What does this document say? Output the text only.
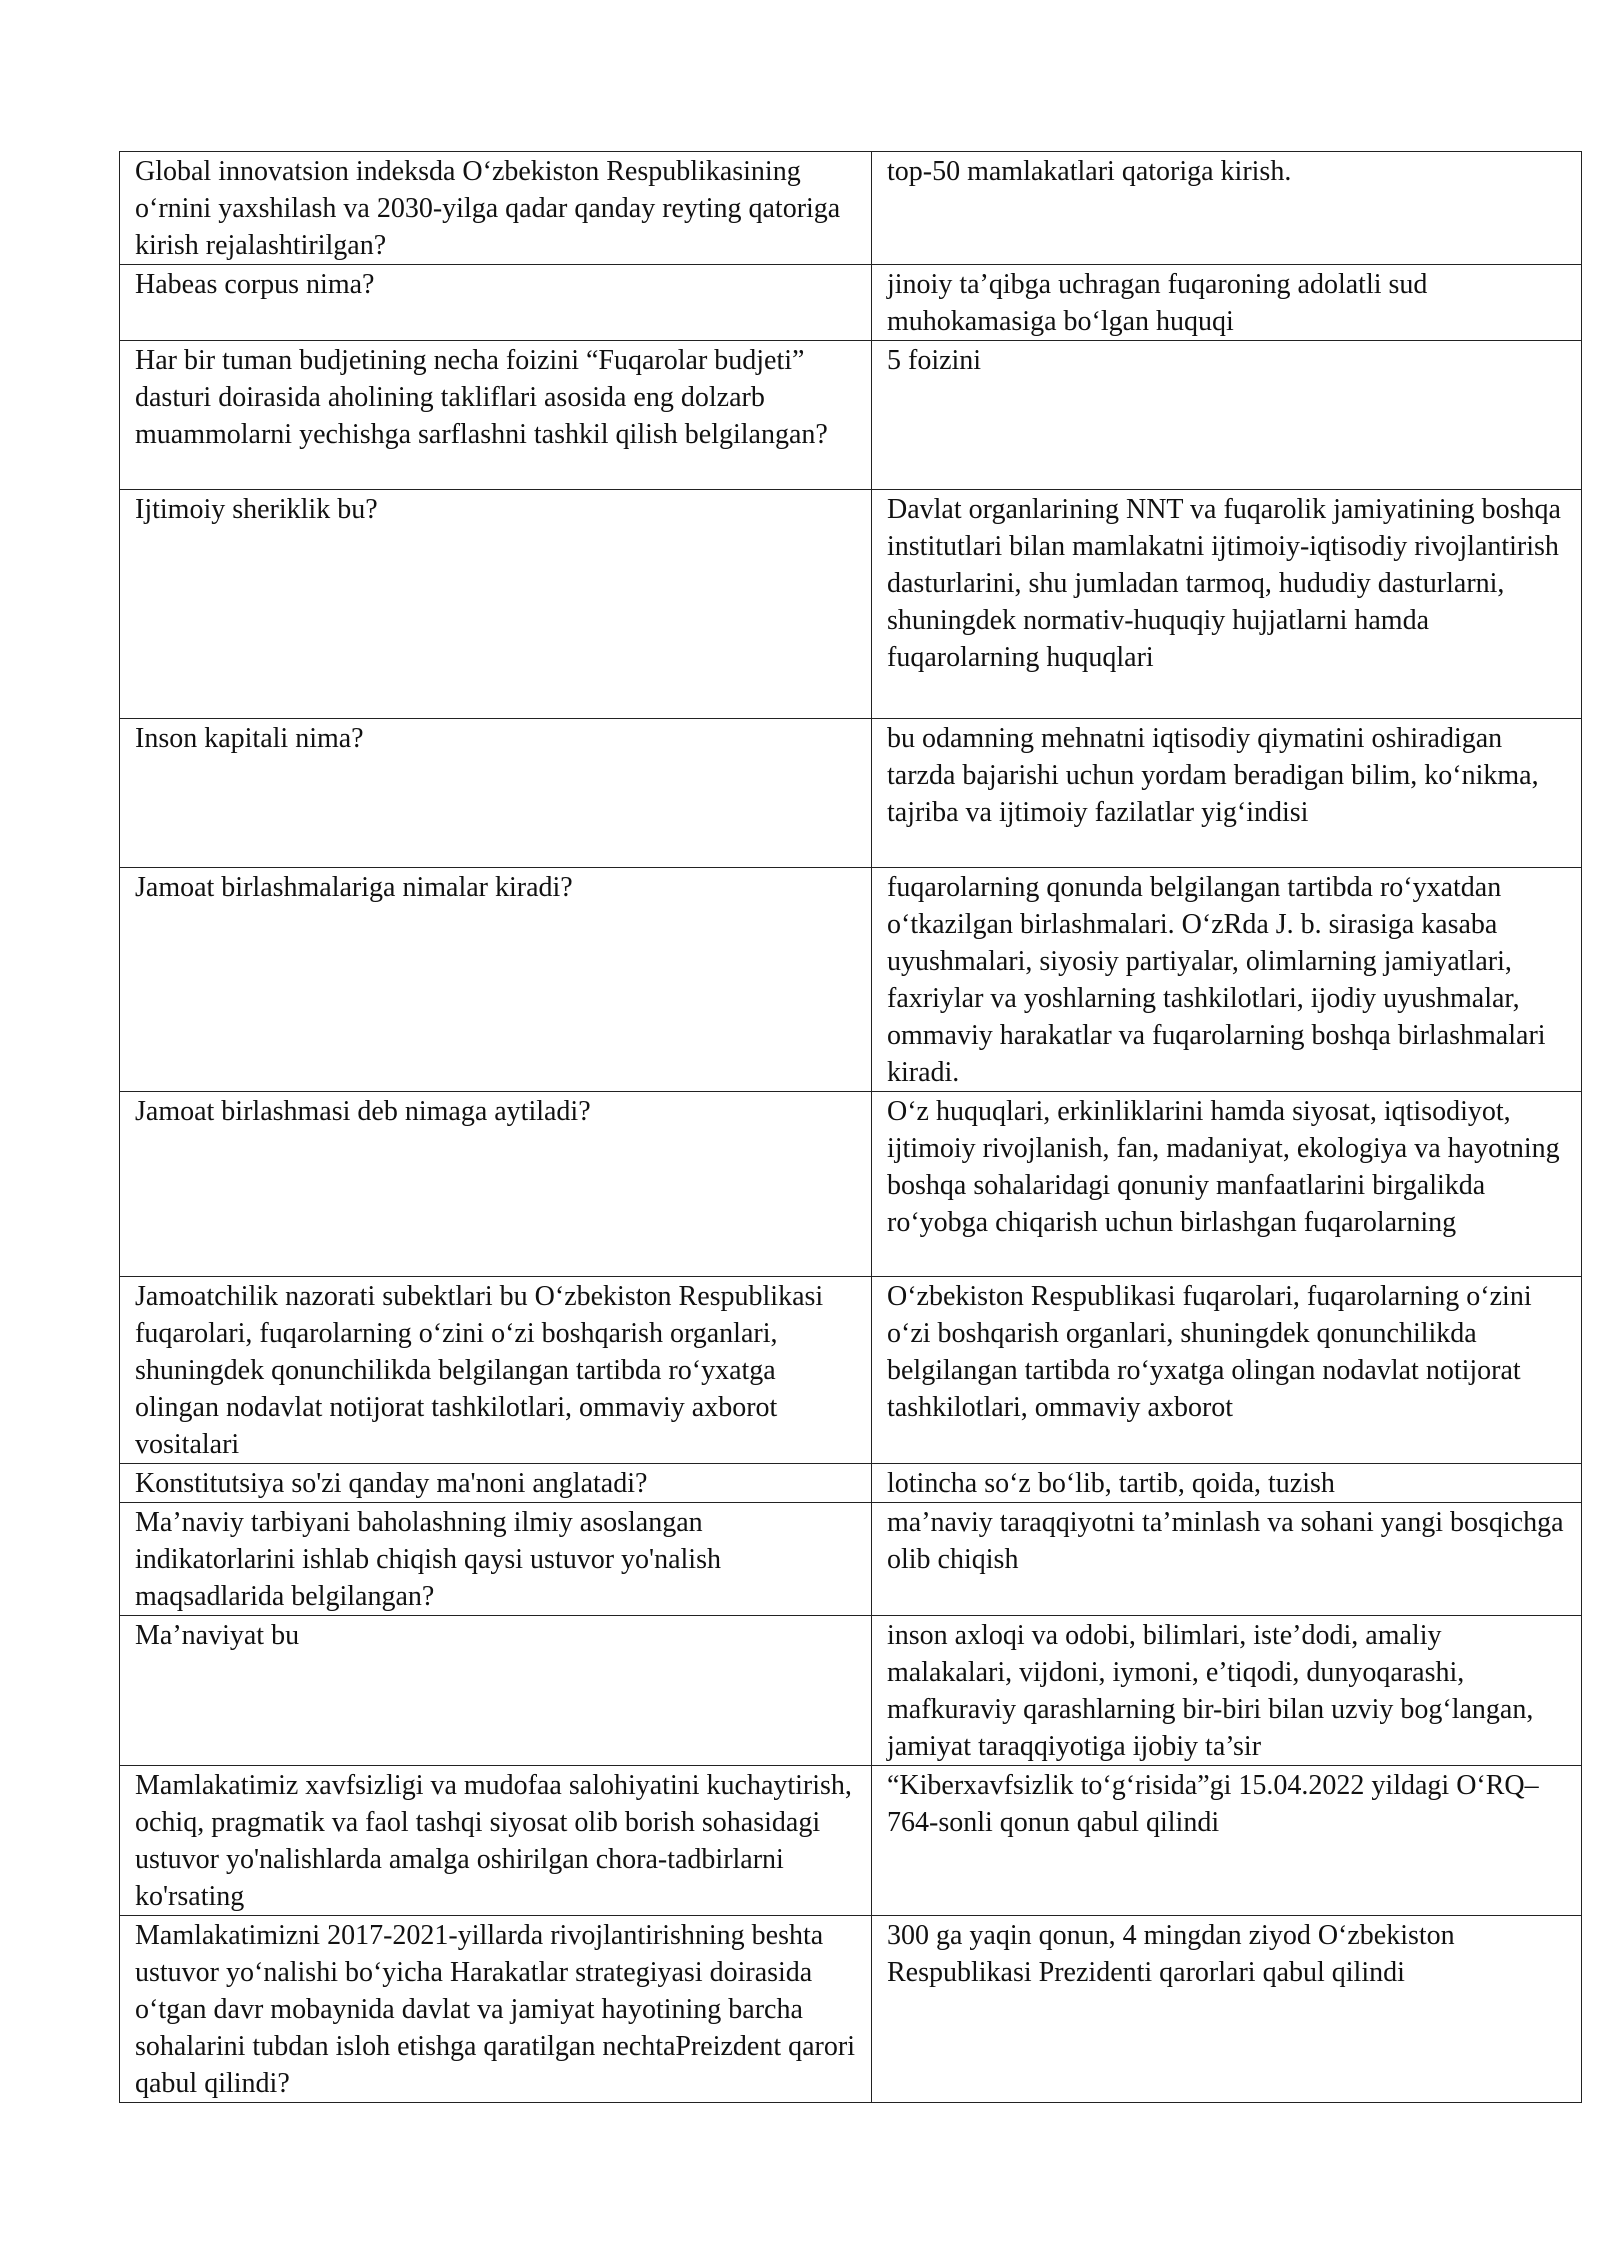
Global innovatsion indeksda O‘zbekiston Respublikasining o‘rnini yaxshilash va 2030-yilga qadar qanday reyting qatoriga kirish rejalashtirilgan?	top-50 mamlakatlari qatoriga kirish.
Habeas corpus nima?	jinoiy ta’qibga uchragan fuqaroning adolatli sud muhokamasiga bo‘lgan huquqi
Har bir tuman budjetining necha foizini “Fuqarolar budjeti” dasturi doirasida aholining takliflari asosida eng dolzarb muammolarni yechishga sarflashni tashkil qilish belgilangan?	5 foizini
Ijtimoiy sheriklik bu?	Davlat organlarining NNT va fuqarolik jamiyatining boshqa institutlari bilan mamlakatni ijtimoiy-iqtisodiy rivojlantirish dasturlarini, shu jumladan tarmoq, hududiy dasturlarni, shuningdek normativ-huquqiy hujjatlarni hamda fuqarolarning huquqlari
Inson kapitali nima?	bu odamning mehnatni iqtisodiy qiymatini oshiradigan tarzda bajarishi uchun yordam beradigan bilim, ko‘nikma, tajriba va ijtimoiy fazilatlar yig‘indisi
Jamoat birlashmalariga nimalar kiradi?	fuqarolarning qonunda belgilangan tartibda ro‘yxatdan o‘tkazilgan birlashmalari. O‘zRda J. b. sirasiga kasaba uyushmalari, siyosiy partiyalar, olimlarning jamiyatlari, faxriylar va yoshlarning tashkilotlari, ijodiy uyushmalar, ommaviy harakatlar va fuqarolarning boshqa birlashmalari kiradi.
Jamoat birlashmasi deb nimaga aytiladi?	O‘z huquqlari, erkinliklarini hamda siyosat, iqtisodiyot, ijtimoiy rivojlanish, fan, madaniyat, ekologiya va hayotning boshqa sohalaridagi qonuniy manfaatlarini birgalikda ro‘yobga chiqarish uchun birlashgan fuqarolarning
Jamoatchilik nazorati subektlari bu O‘zbekiston Respublikasi fuqarolari, fuqarolarning o‘zini o‘zi boshqarish organlari, shuningdek qonunchilikda belgilangan tartibda ro‘yxatga olingan nodavlat notijorat tashkilotlari, ommaviy axborot vositalari	O‘zbekiston Respublikasi fuqarolari, fuqarolarning o‘zini o‘zi boshqarish organlari, shuningdek qonunchilikda belgilangan tartibda ro‘yxatga olingan nodavlat notijorat tashkilotlari, ommaviy axborot
Konstitutsiya so'zi qanday ma'noni anglatadi?	lotincha so‘z bo‘lib, tartib, qoida, tuzish
Ma’naviy tarbiyani baholashning ilmiy asoslangan indikatorlarini ishlab chiqish qaysi ustuvor yo'nalish maqsadlarida belgilangan?	ma’naviy taraqqiyotni ta’minlash va sohani yangi bosqichga olib chiqish
Ma’naviyat bu	inson axloqi va odobi, bilimlari, iste’dodi, amaliy malakalari, vijdoni, iymoni, e’tiqodi, dunyoqarashi, mafkuraviy qarashlarning bir-biri bilan uzviy bog‘langan, jamiyat taraqqiyotiga ijobiy ta’sir
Mamlakatimiz xavfsizligi va mudofaa salohiyatini kuchaytirish, ochiq, pragmatik va faol tashqi siyosat olib borish sohasidagi ustuvor yo'nalishlarda amalga oshirilgan chora-tadbirlarni ko'rsating	“Kiberxavfsizlik to‘g‘risida”gi 15.04.2022 yildagi O‘RQ–764-sonli qonun qabul qilindi
Mamlakatimizni 2017-2021-yillarda rivojlantirishning beshta ustuvor yo‘nalishi bo‘yicha Harakatlar strategiyasi doirasida o‘tgan davr mobaynida davlat va jamiyat hayotining barcha sohalarini tubdan isloh etishga qaratilgan nechtaPreizdent qarori qabul qilindi?	300 ga yaqin qonun, 4 mingdan ziyod O‘zbekiston Respublikasi Prezidenti qarorlari qabul qilindi
